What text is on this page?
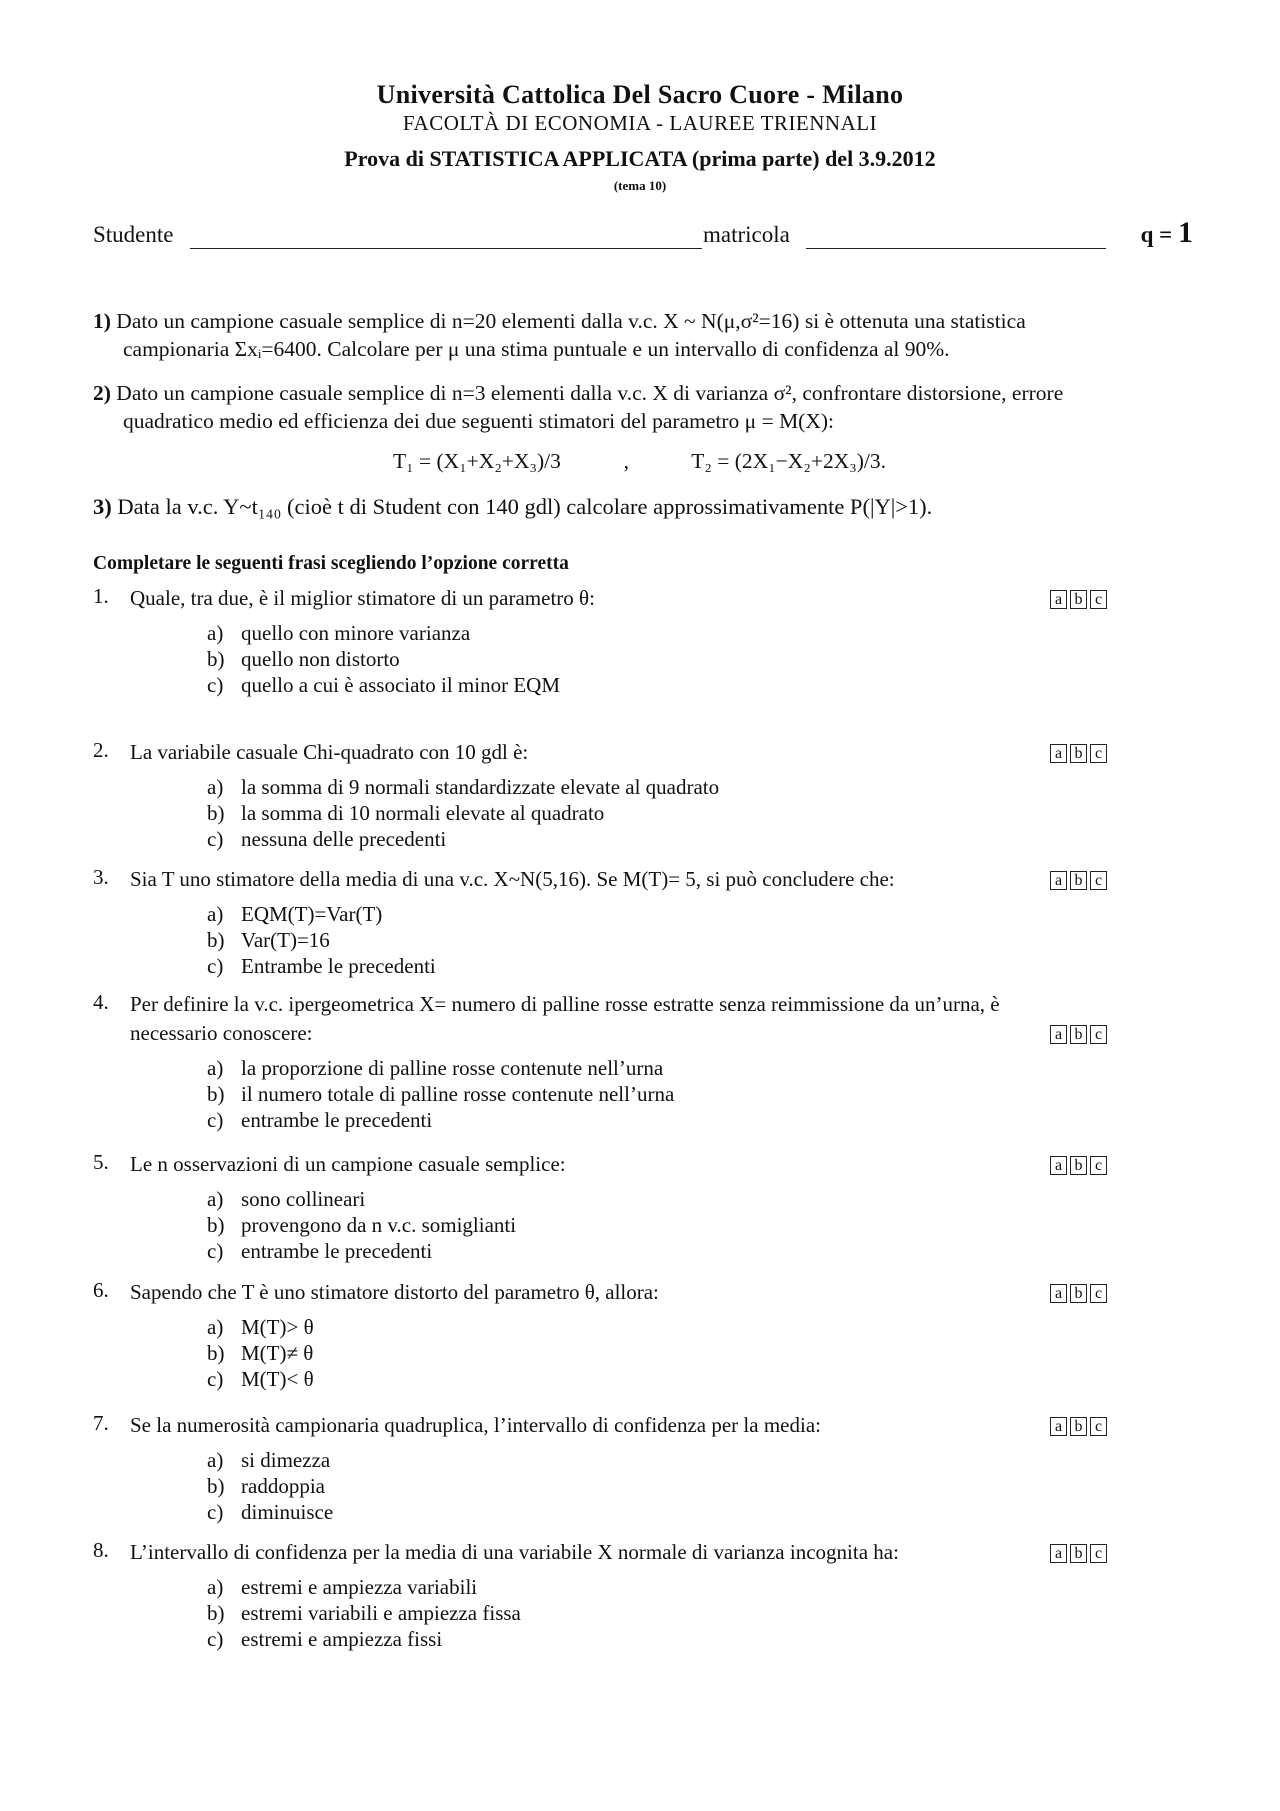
Università Cattolica Del Sacro Cuore - Milano
FACOLTÀ DI ECONOMIA - LAUREE TRIENNALI
Prova di STATISTICA APPLICATA (prima parte) del 3.9.2012
(tema 10)
Studente	matricola	q = 1
1) Dato un campione casuale semplice di n=20 elementi dalla v.c. X ~ N(μ,σ²=16) si è ottenuta una statistica
campionaria Σxᵢ=6400. Calcolare per μ una stima puntuale e un intervallo di confidenza al 90%.
2) Dato un campione casuale semplice di n=3 elementi dalla v.c. X di varianza σ², confrontare distorsione, errore
quadratico medio ed efficienza dei due seguenti stimatori del parametro μ = M(X):
T₁ = (X₁+X₂+X₃)/3	,	T₂ = (2X₁−X₂+2X₃)/3.
3) Data la v.c. Y~t₁₄₀ (cioè t di Student con 140 gdl) calcolare approssimativamente P(|Y|>1).
Completare le seguenti frasi scegliendo l’opzione corretta
1. Quale, tra due, è il miglior stimatore di un parametro θ:	a b c
a) quello con minore varianza
b) quello non distorto
c) quello a cui è associato il minor EQM
2. La variabile casuale Chi-quadrato con 10 gdl è:	a b c
a) la somma di 9 normali standardizzate elevate al quadrato
b) la somma di 10 normali elevate al quadrato
c) nessuna delle precedenti
3. Sia T uno stimatore della media di una v.c. X~N(5,16). Se M(T)= 5, si può concludere che:	a b c
a) EQM(T)=Var(T)
b) Var(T)=16
c) Entrambe le precedenti
4. Per definire la v.c. ipergeometrica X= numero di palline rosse estratte senza reimmissione da un’urna, è
necessario conoscere:	a b c
a) la proporzione di palline rosse contenute nell’urna
b) il numero totale di palline rosse contenute nell’urna
c) entrambe le precedenti
5. Le n osservazioni di un campione casuale semplice:	a b c
a) sono collineari
b) provengono da n v.c. somiglianti
c) entrambe le precedenti
6. Sapendo che T è uno stimatore distorto del parametro θ, allora:	a b c
a) M(T)> θ
b) M(T)≠ θ
c) M(T)< θ
7. Se la numerosità campionaria quadruplica, l’intervallo di confidenza per la media:	a b c
a) si dimezza
b) raddoppia
c) diminuisce
8. L’intervallo di confidenza per la media di una variabile X normale di varianza incognita ha:	a b c
a) estremi e ampiezza variabili
b) estremi variabili e ampiezza fissa
c) estremi e ampiezza fissi
